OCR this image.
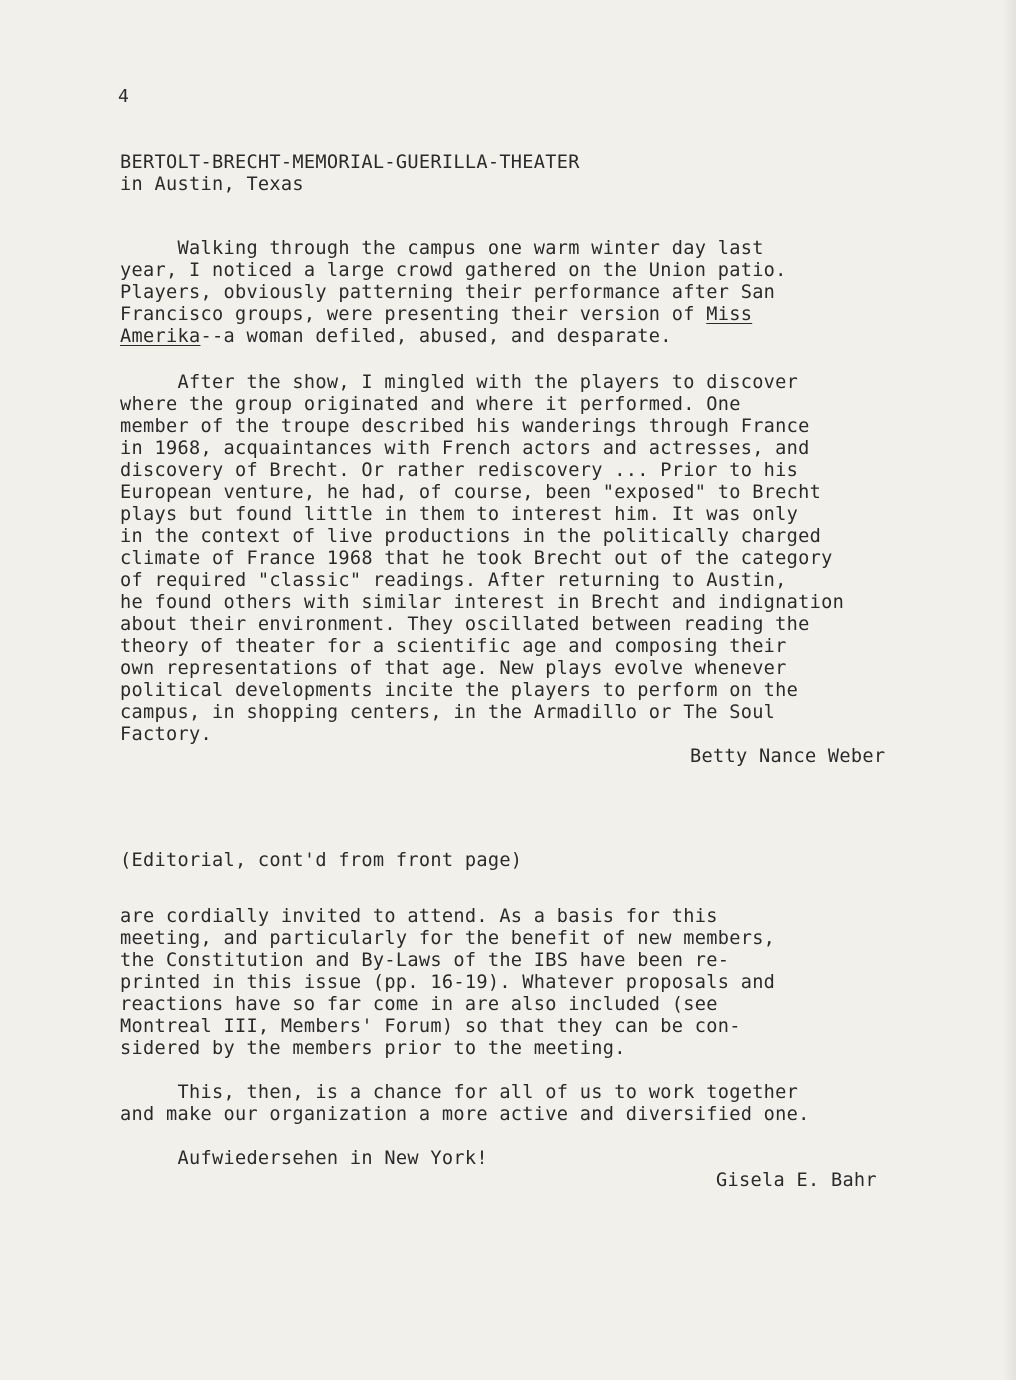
4
BERTOLT-BRECHT-MEMORIAL-GUERILLA-THEATER
in Austin, Texas
Walking through the campus one warm winter day last
year, I noticed a large crowd gathered on the Union patio.
Players, obviously patterning their performance after San
Francisco groups, were presenting their version of Miss
Amerika--a woman defiled, abused, and desparate.
After the show, I mingled with the players to discover
where the group originated and where it performed. One
member of the troupe described his wanderings through France
in 1968, acquaintances with French actors and actresses, and
discovery of Brecht. Or rather rediscovery ... Prior to his
European venture, he had, of course, been "exposed" to Brecht
plays but found little in them to interest him. It was only
in the context of live productions in the politically charged
climate of France 1968 that he took Brecht out of the category
of required "classic" readings. After returning to Austin,
he found others with similar interest in Brecht and indignation
about their environment. They oscillated between reading the
theory of theater for a scientific age and composing their
own representations of that age. New plays evolve whenever
political developments incite the players to perform on the
campus, in shopping centers, in the Armadillo or The Soul
Factory.
Betty Nance Weber
(Editorial, cont'd from front page)
are cordially invited to attend. As a basis for this
meeting, and particularly for the benefit of new members,
the Constitution and By-Laws of the IBS have been re-
printed in this issue (pp. 16-19). Whatever proposals and
reactions have so far come in are also included (see
Montreal III, Members' Forum) so that they can be con-
sidered by the members prior to the meeting.
This, then, is a chance for all of us to work together
and make our organization a more active and diversified one.
Aufwiedersehen in New York!
Gisela E. Bahr
